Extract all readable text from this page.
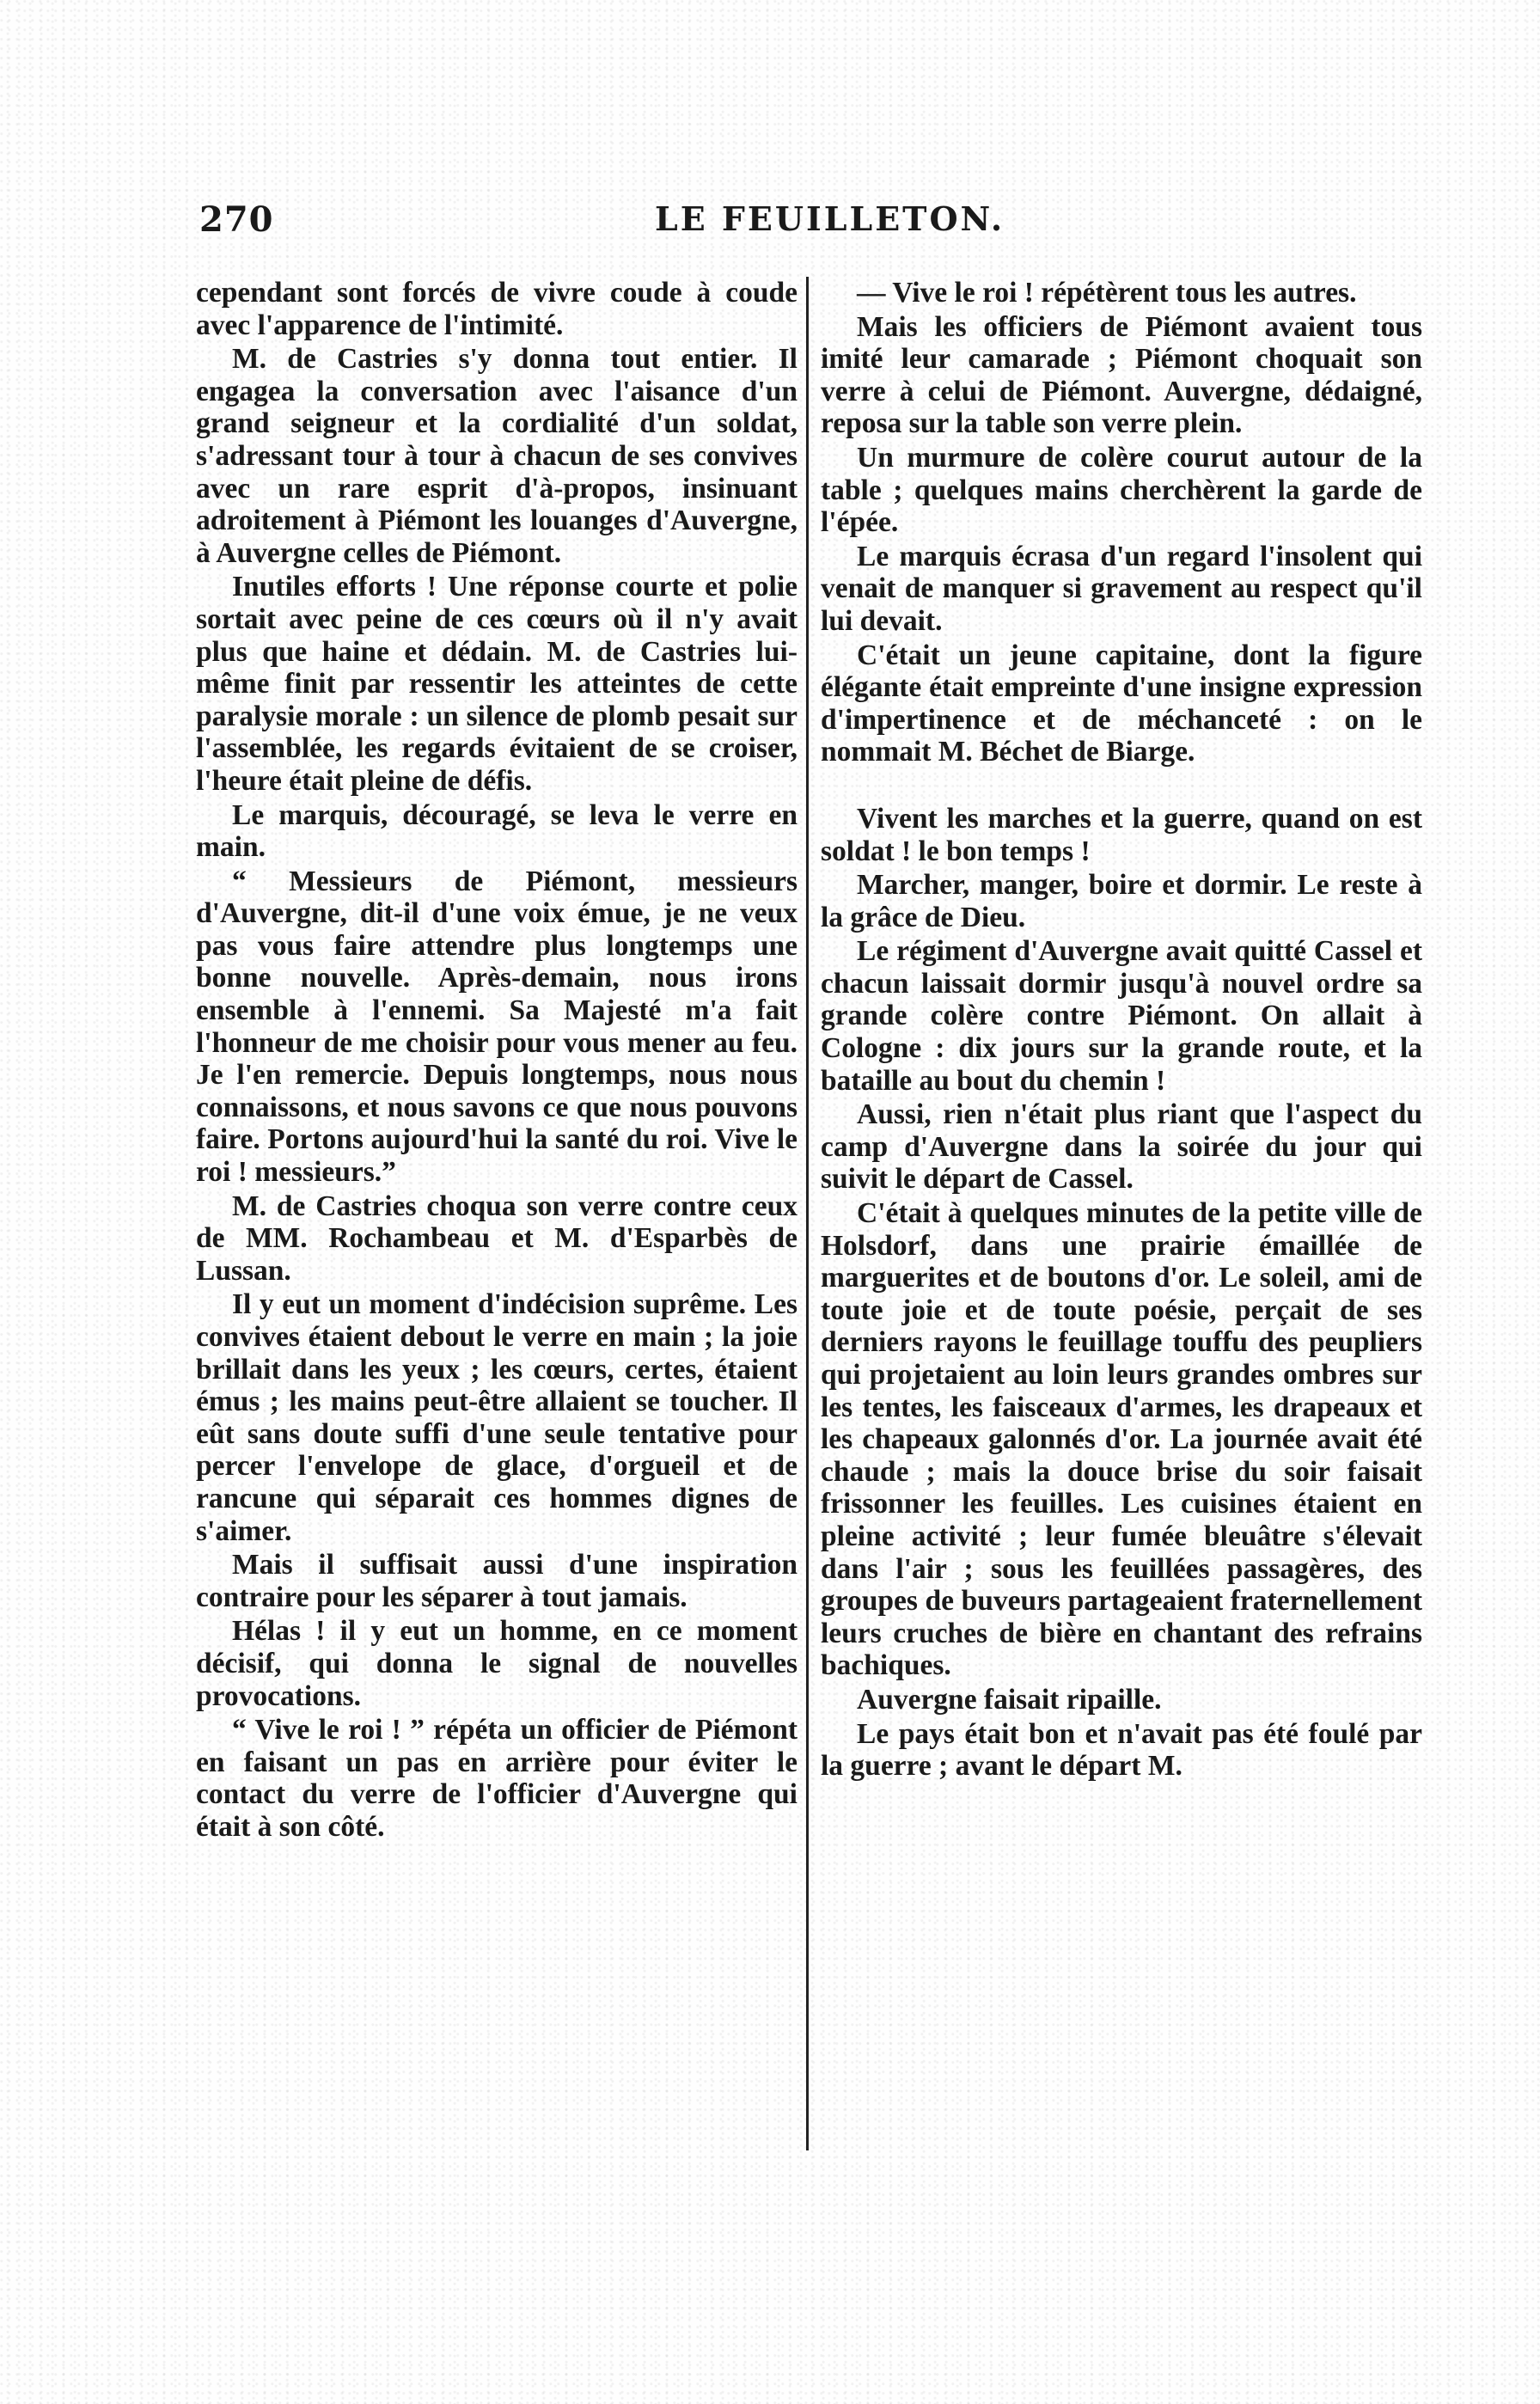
270	LE FEUILLETON.

cependant sont forcés de vivre coude à coude avec l'apparence de l'intimité.

M. de Castries s'y donna tout entier. Il engagea la conversation avec l'aisance d'un grand seigneur et la cordialité d'un soldat, s'adressant tour à tour à chacun de ses convives avec un rare esprit d'à-propos, insinuant adroitement à Piémont les louanges d'Auvergne, à Auvergne celles de Piémont.

Inutiles efforts ! Une réponse courte et polie sortait avec peine de ces cœurs où il n'y avait plus que haine et dédain. M. de Castries lui-même finit par ressentir les atteintes de cette paralysie morale : un silence de plomb pesait sur l'assemblée, les regards évitaient de se croiser, l'heure était pleine de défis.

Le marquis, découragé, se leva le verre en main.

“ Messieurs de Piémont, messieurs d'Auvergne, dit-il d'une voix émue, je ne veux pas vous faire attendre plus longtemps une bonne nouvelle. Après-demain, nous irons ensemble à l'ennemi. Sa Majesté m'a fait l'honneur de me choisir pour vous mener au feu. Je l'en remercie. Depuis longtemps, nous nous connaissons, et nous savons ce que nous pouvons faire. Portons aujourd'hui la santé du roi. Vive le roi ! messieurs.”

M. de Castries choqua son verre contre ceux de MM. Rochambeau et M. d'Esparbès de Lussan.

Il y eut un moment d'indécision suprême. Les convives étaient debout le verre en main ; la joie brillait dans les yeux ; les cœurs, certes, étaient émus ; les mains peut-être allaient se toucher. Il eût sans doute suffi d'une seule tentative pour percer l'envelope de glace, d'orgueil et de rancune qui séparait ces hommes dignes de s'aimer.

Mais il suffisait aussi d'une inspiration contraire pour les séparer à tout jamais.

Hélas ! il y eut un homme, en ce moment décisif, qui donna le signal de nouvelles provocations.

“ Vive le roi ! ” répéta un officier de Piémont en faisant un pas en arrière pour éviter le contact du verre de l'officier d'Auvergne qui était à son côté.

— Vive le roi ! répétèrent tous les autres.

Mais les officiers de Piémont avaient tous imité leur camarade ; Piémont choquait son verre à celui de Piémont. Auvergne, dédaigné, reposa sur la table son verre plein.

Un murmure de colère courut autour de la table ; quelques mains cherchèrent la garde de l'épée.

Le marquis écrasa d'un regard l'insolent qui venait de manquer si gravement au respect qu'il lui devait.

C'était un jeune capitaine, dont la figure élégante était empreinte d'une insigne expression d'impertinence et de méchanceté : on le nommait M. Béchet de Biarge.

Vivent les marches et la guerre, quand on est soldat ! le bon temps !

Marcher, manger, boire et dormir. Le reste à la grâce de Dieu.

Le régiment d'Auvergne avait quitté Cassel et chacun laissait dormir jusqu'à nouvel ordre sa grande colère contre Piémont. On allait à Cologne : dix jours sur la grande route, et la bataille au bout du chemin !

Aussi, rien n'était plus riant que l'aspect du camp d'Auvergne dans la soirée du jour qui suivit le départ de Cassel.

C'était à quelques minutes de la petite ville de Holsdorf, dans une prairie émaillée de marguerites et de boutons d'or. Le soleil, ami de toute joie et de toute poésie, perçait de ses derniers rayons le feuillage touffu des peupliers qui projetaient au loin leurs grandes ombres sur les tentes, les faisceaux d'armes, les drapeaux et les chapeaux galonnés d'or. La journée avait été chaude ; mais la douce brise du soir faisait frissonner les feuilles. Les cuisines étaient en pleine activité ; leur fumée bleuâtre s'élevait dans l'air ; sous les feuillées passagères, des groupes de buveurs partageaient fraternellement leurs cruches de bière en chantant des refrains bachiques.

Auvergne faisait ripaille.

Le pays était bon et n'avait pas été foulé par la guerre ; avant le départ M.
